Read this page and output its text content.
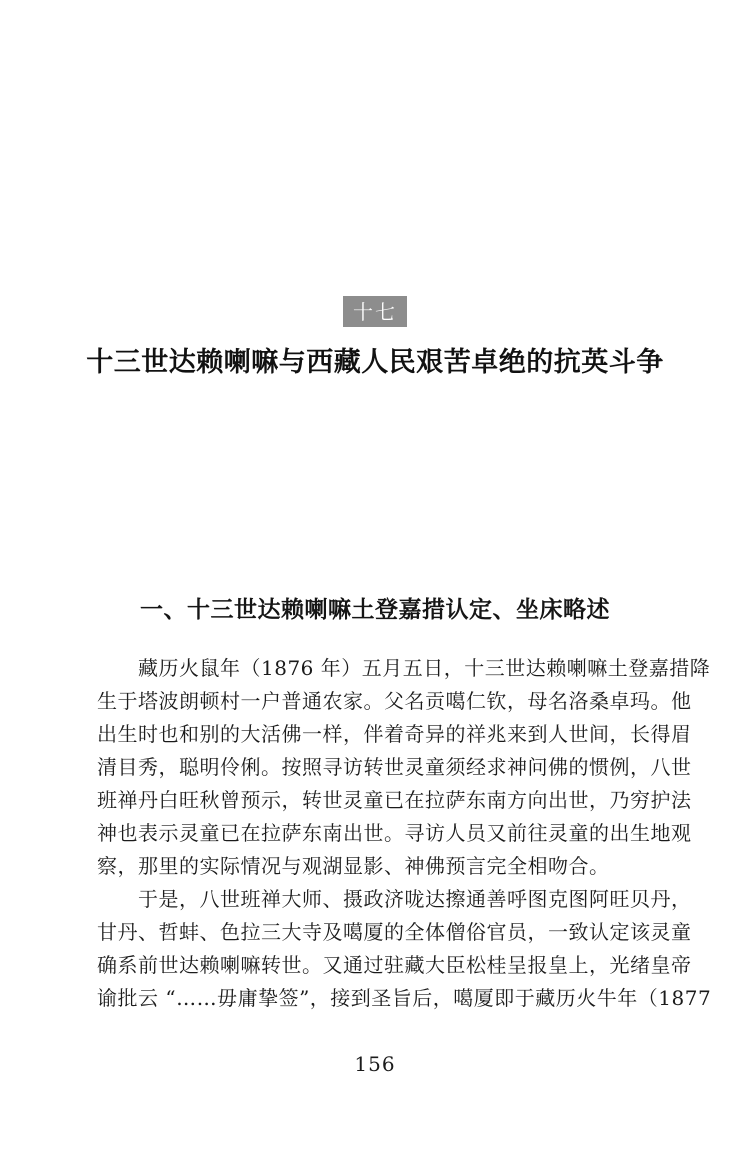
十七
十三世达赖喇嘛与西藏人民艰苦卓绝的抗英斗争
一、十三世达赖喇嘛土登嘉措认定、坐床略述
藏历火鼠年（1876 年）五月五日，十三世达赖喇嘛土登嘉措降
生于塔波朗顿村一户普通农家。父名贡噶仁钦，母名洛桑卓玛。他
出生时也和别的大活佛一样，伴着奇异的祥兆来到人世间，长得眉
清目秀，聪明伶俐。按照寻访转世灵童须经求神问佛的惯例，八世
班禅丹白旺秋曾预示，转世灵童已在拉萨东南方向出世，乃穷护法
神也表示灵童已在拉萨东南出世。寻访人员又前往灵童的出生地观
察，那里的实际情况与观湖显影、神佛预言完全相吻合。
于是，八世班禅大师、摄政济咙达擦通善呼图克图阿旺贝丹，
甘丹、哲蚌、色拉三大寺及噶厦的全体僧俗官员，一致认定该灵童
确系前世达赖喇嘛转世。又通过驻藏大臣松桂呈报皇上，光绪皇帝
谕批云 “……毋庸挚签”，接到圣旨后，噶厦即于藏历火牛年（1877
156
